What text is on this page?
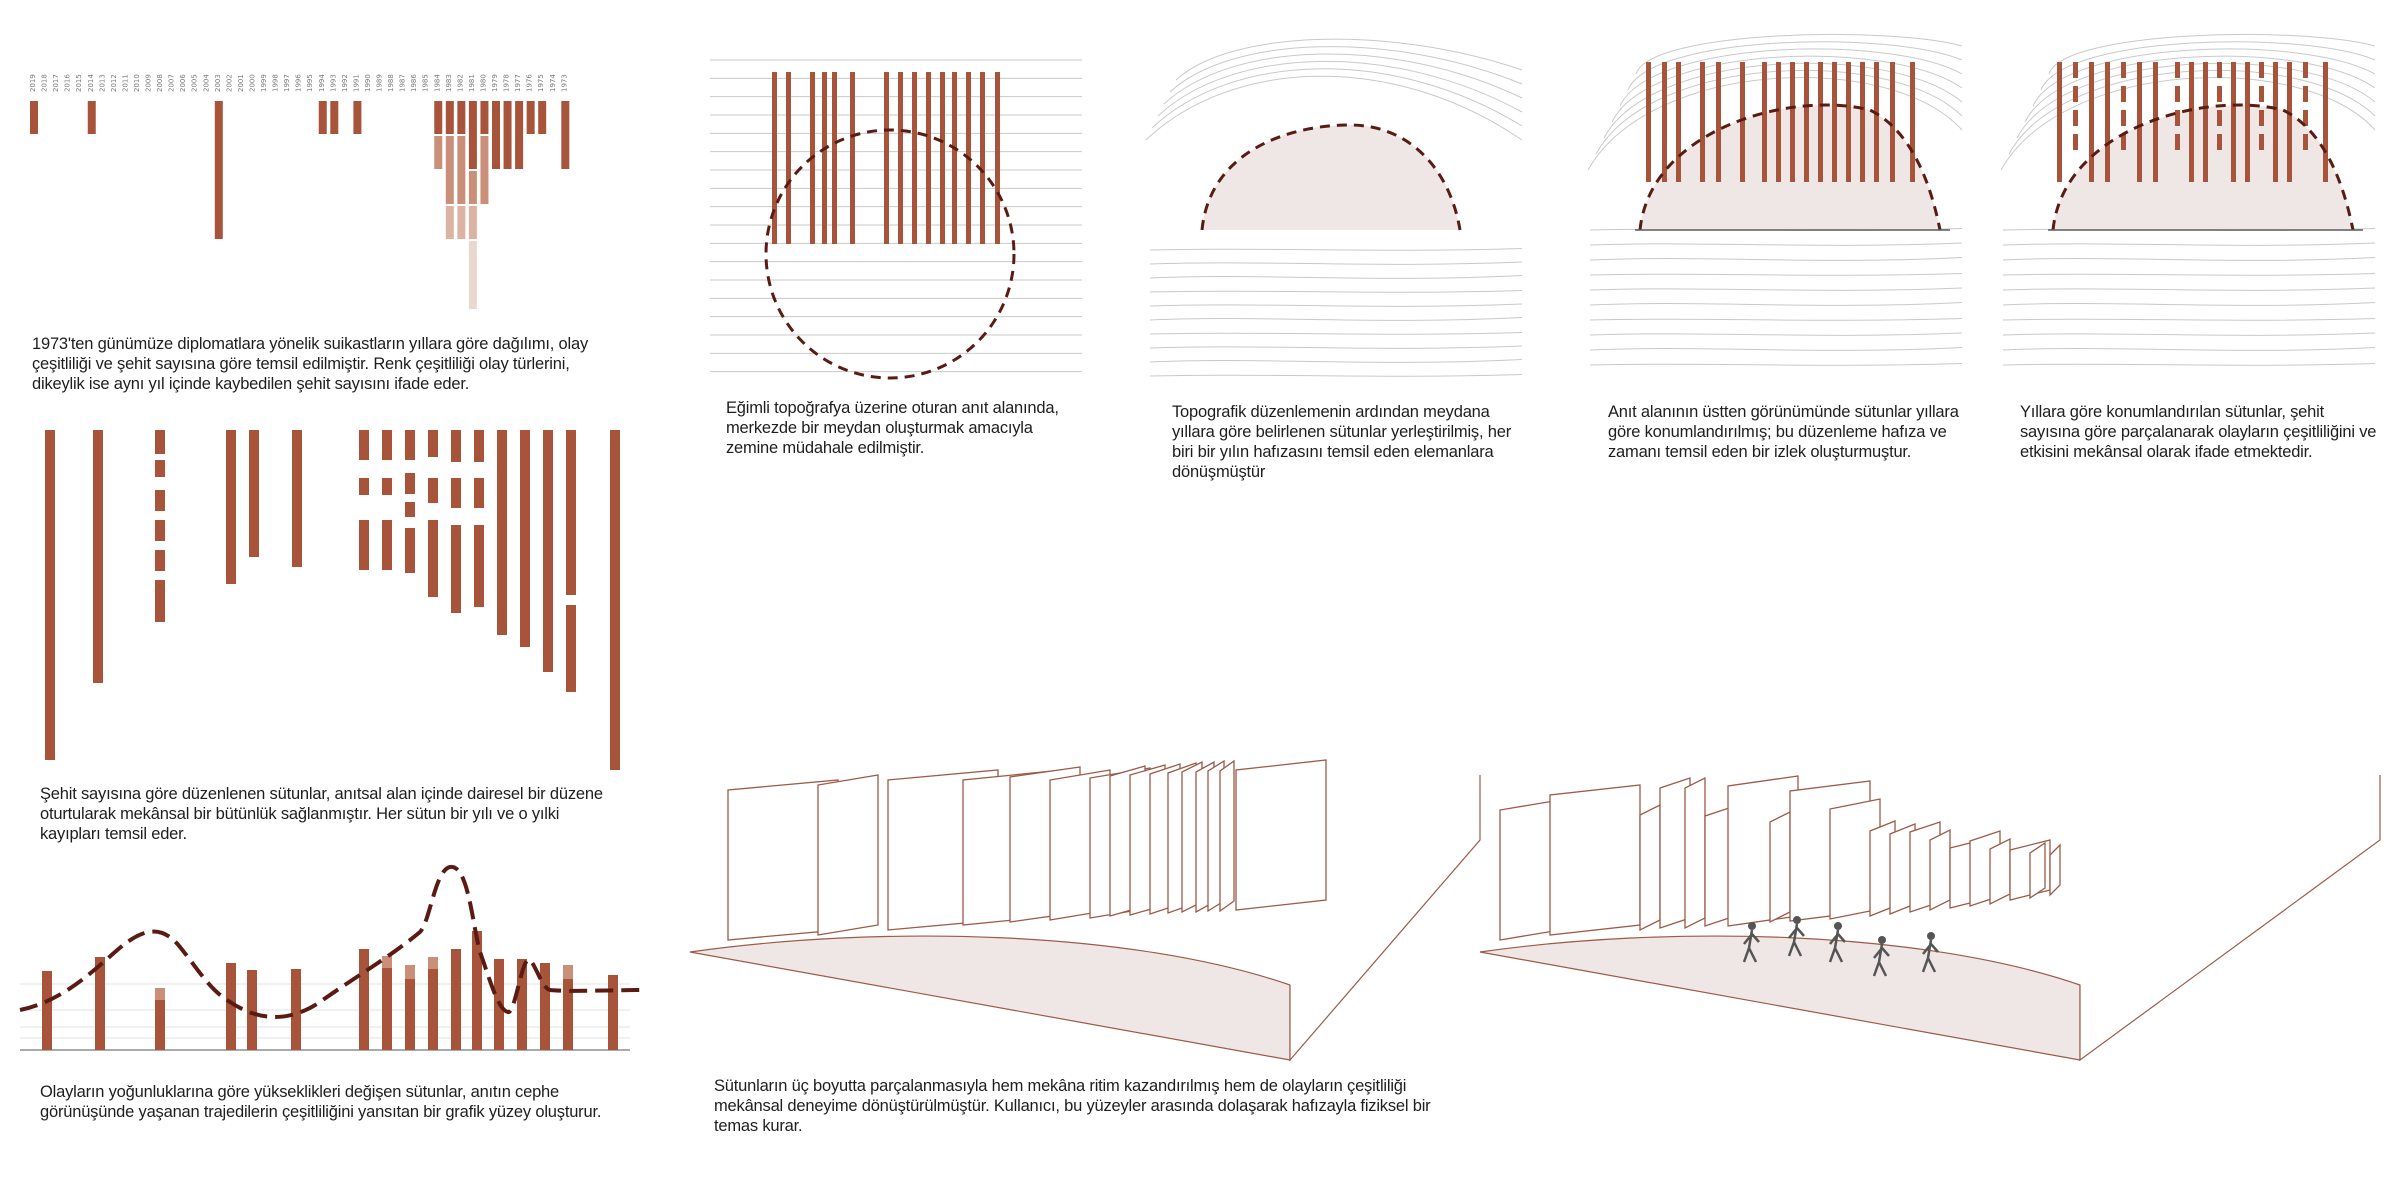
2019 2018 2017 2016 2015 2014 2013 2012 2011 2010 2009 2008 2007 2006 2005 2004 2003 2002 2001 2000 1999 1998 1997 1996 1995 1994 1993 1992 1991 1990 1989 1988 1987 1986 1985 1984 1983 1982 1981 1980 1979 1978 1977 1976 1975 1974 1973
1973'ten günümüze diplomatlara yönelik suikastların yıllara göre dağılımı, olay çeşitliliği ve şehit sayısına göre temsil edilmiştir. Renk çeşitliliği olay türlerini, dikeylik ise aynı yıl içinde kaybedilen şehit sayısını ifade eder.
Şehit sayısına göre düzenlenen sütunlar, anıtsal alan içinde dairesel bir düzene oturtularak mekânsal bir bütünlük sağlanmıştır. Her sütun bir yılı ve o yılki kayıpları temsil eder.
Olayların yoğunluklarına göre yükseklikleri değişen sütunlar, anıtın cephe görünüşünde yaşanan trajedilerin çeşitliliğini yansıtan bir grafik yüzey oluşturur.
Eğimli topoğrafya üzerine oturan anıt alanında, merkezde bir meydan oluşturmak amacıyla zemine müdahale edilmiştir.
Topografik düzenlemenin ardından meydana yıllara göre belirlenen sütunlar yerleştirilmiş, her biri bir yılın hafızasını temsil eden elemanlara dönüşmüştür
Anıt alanının üstten görünümünde sütunlar yıllara göre konumlandırılmış; bu düzenleme hafıza ve zamanı temsil eden bir izlek oluşturmuştur.
Yıllara göre konumlandırılan sütunlar, şehit sayısına göre parçalanarak olayların çeşitliliğini ve etkisini mekânsal olarak ifade etmektedir.
Sütunların üç boyutta parçalanmasıyla hem mekâna ritim kazandırılmış hem de olayların çeşitliliği mekânsal deneyime dönüştürülmüştür. Kullanıcı, bu yüzeyler arasında dolaşarak hafızayla fiziksel bir temas kurar.
